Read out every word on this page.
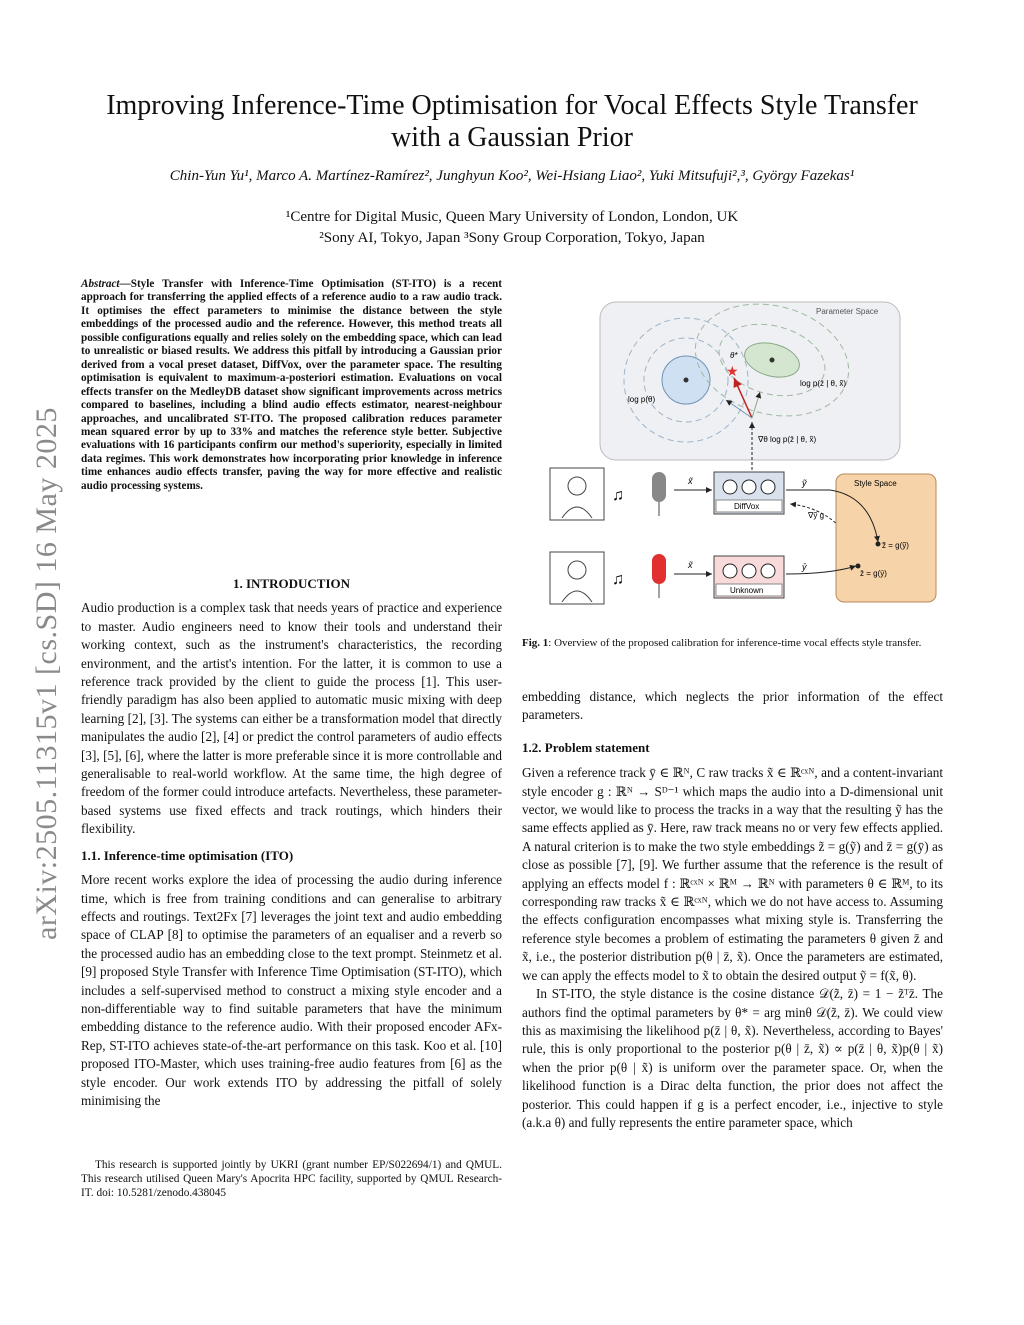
arXiv:2505.11315v1 [cs.SD] 16 May 2025
Improving Inference-Time Optimisation for Vocal Effects Style Transfer
with a Gaussian Prior
Chin-Yun Yu¹, Marco A. Martínez-Ramírez², Junghyun Koo², Wei-Hsiang Liao², Yuki Mitsufuji²,³, György Fazekas¹
¹Centre for Digital Music, Queen Mary University of London, London, UK
²Sony AI, Tokyo, Japan ³Sony Group Corporation, Tokyo, Japan
Abstract—Style Transfer with Inference-Time Optimisation (ST-ITO) is a recent approach for transferring the applied effects of a reference audio to a raw audio track. It optimises the effect parameters to minimise the distance between the style embeddings of the processed audio and the reference. However, this method treats all possible configurations equally and relies solely on the embedding space, which can lead to unrealistic or biased results. We address this pitfall by introducing a Gaussian prior derived from a vocal preset dataset, DiffVox, over the parameter space. The resulting optimisation is equivalent to maximum-a-posteriori estimation. Evaluations on vocal effects transfer on the MedleyDB dataset show significant improvements across metrics compared to baselines, including a blind audio effects estimator, nearest-neighbour approaches, and uncalibrated ST-ITO. The proposed calibration reduces parameter mean squared error by up to 33% and matches the reference style better. Subjective evaluations with 16 participants confirm our method's superiority, especially in limited data regimes. This work demonstrates how incorporating prior knowledge in inference time enhances audio effects transfer, paving the way for more effective and realistic audio processing systems.
1. INTRODUCTION

Audio production is a complex task that needs years of practice and experience to master. Audio engineers need to know their tools and understand their working context, such as the instrument's characteristics, the recording environment, and the artist's intention. For the latter, it is common to use a reference track provided by the client to guide the process [1]. This user-friendly paradigm has also been applied to automatic music mixing with deep learning [2], [3]. The systems can either be a transformation model that directly manipulates the audio [2], [4] or predict the control parameters of audio effects [3], [5], [6], where the latter is more preferable since it is more controllable and generalisable to real-world workflow. At the same time, the high degree of freedom of the former could introduce artefacts. Nevertheless, these parameter-based systems use fixed effects and track routings, which hinders their flexibility.

1.1. Inference-time optimisation (ITO)

More recent works explore the idea of processing the audio during inference time, which is free from training conditions and can generalise to arbitrary effects and routings. Text2Fx [7] leverages the joint text and audio embedding space of CLAP [8] to optimise the parameters of an equaliser and a reverb so the processed audio has an embedding close to the text prompt. Steinmetz et al. [9] proposed Style Transfer with Inference Time Optimisation (ST-ITO), which includes a self-supervised method to construct a mixing style encoder and a non-differentiable way to find suitable parameters that have the minimum embedding distance to the reference audio. With their proposed encoder AFx-Rep, ST-ITO achieves state-of-the-art performance on this task. Koo et al. [10] proposed ITO-Master, which uses training-free audio features from [6] as the style encoder. Our work extends ITO by addressing the pitfall of solely minimising the

This research is supported jointly by UKRI (grant number EP/S022694/1) and QMUL. This research utilised Queen Mary's Apocrita HPC facility, supported by QMUL Research-IT. doi: 10.5281/zenodo.438045

Parameter Space
θ*
★
log p(θ)
log p(z̄ | θ, x̃)
∇θ log p(z̄ | θ, x̃)
♫
x̃
DiffVox
ỹ
∇ỹ g
Style Space
z̃ = g(ỹ)
z̄ = g(ȳ)
♫
x̃
Unknown
ȳ
Fig. 1: Overview of the proposed calibration for inference-time vocal effects style transfer.

embedding distance, which neglects the prior information of the effect parameters.

1.2. Problem statement

Given a reference track ȳ ∈ ℝᴺ, C raw tracks x̃ ∈ ℝᶜˣᴺ, and a content-invariant style encoder g : ℝᴺ → Sᴰ⁻¹ which maps the audio into a D-dimensional unit vector, we would like to process the tracks in a way that the resulting ỹ has the same effects applied as ȳ. Here, raw track means no or very few effects applied. A natural criterion is to make the two style embeddings z̃ = g(ỹ) and z̄ = g(ȳ) as close as possible [7], [9]. We further assume that the reference is the result of applying an effects model f : ℝᶜˣᴺ × ℝᴹ → ℝᴺ with parameters θ ∈ ℝᴹ, to its corresponding raw tracks x̃ ∈ ℝᶜˣᴺ, which we do not have access to. Assuming the effects configuration encompasses what mixing style is. Transferring the reference style becomes a problem of estimating the parameters θ given z̄ and x̃, i.e., the posterior distribution p(θ | z̄, x̃). Once the parameters are estimated, we can apply the effects model to x̃ to obtain the desired output ỹ = f(x̃, θ).

In ST-ITO, the style distance is the cosine distance 𝒟(z̃, z̄) = 1 − z̃ᵀz̄. The authors find the optimal parameters by θ* = arg minθ 𝒟(z̃, z̄). We could view this as maximising the likelihood p(z̄ | θ, x̃). Nevertheless, according to Bayes' rule, this is only proportional to the posterior p(θ | z̄, x̃) ∝ p(z̄ | θ, x̃)p(θ | x̃) when the prior p(θ | x̃) is uniform over the parameter space. Or, when the likelihood function is a Dirac delta function, the prior does not affect the posterior. This could happen if g is a perfect encoder, i.e., injective to style (a.k.a θ) and fully represents the entire parameter space, which
